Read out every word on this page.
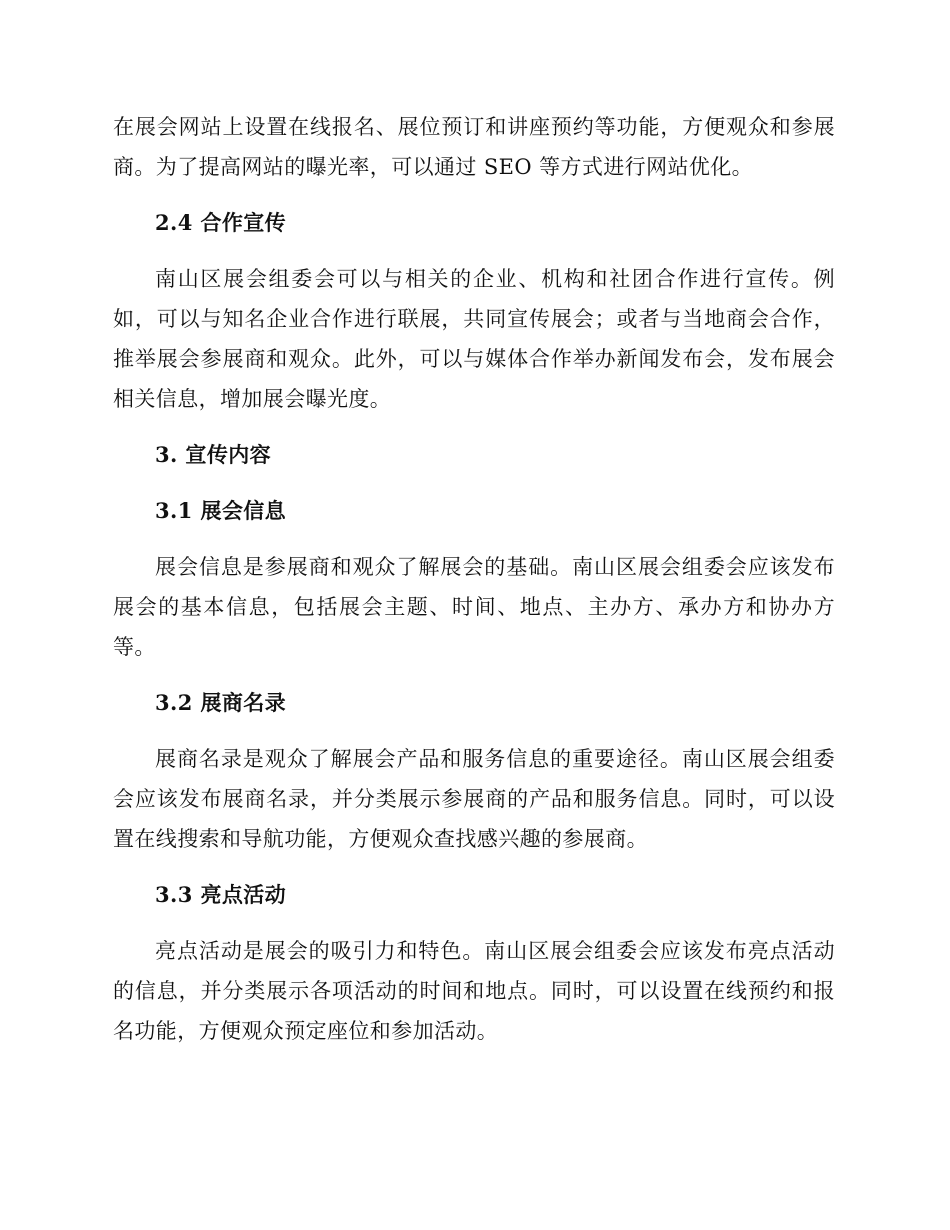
在展会网站上设置在线报名、展位预订和讲座预约等功能，方便观众和参展商。为了提高网站的曝光率，可以通过 SEO 等方式进行网站优化。

2.4 合作宣传

南山区展会组委会可以与相关的企业、机构和社团合作进行宣传。例如，可以与知名企业合作进行联展，共同宣传展会；或者与当地商会合作，推举展会参展商和观众。此外，可以与媒体合作举办新闻发布会，发布展会相关信息，增加展会曝光度。

3. 宣传内容
3.1 展会信息

展会信息是参展商和观众了解展会的基础。南山区展会组委会应该发布展会的基本信息，包括展会主题、时间、地点、主办方、承办方和协办方等。

3.2 展商名录

展商名录是观众了解展会产品和服务信息的重要途径。南山区展会组委会应该发布展商名录，并分类展示参展商的产品和服务信息。同时，可以设置在线搜索和导航功能，方便观众查找感兴趣的参展商。

3.3 亮点活动

亮点活动是展会的吸引力和特色。南山区展会组委会应该发布亮点活动的信息，并分类展示各项活动的时间和地点。同时，可以设置在线预约和报名功能，方便观众预定座位和参加活动。
